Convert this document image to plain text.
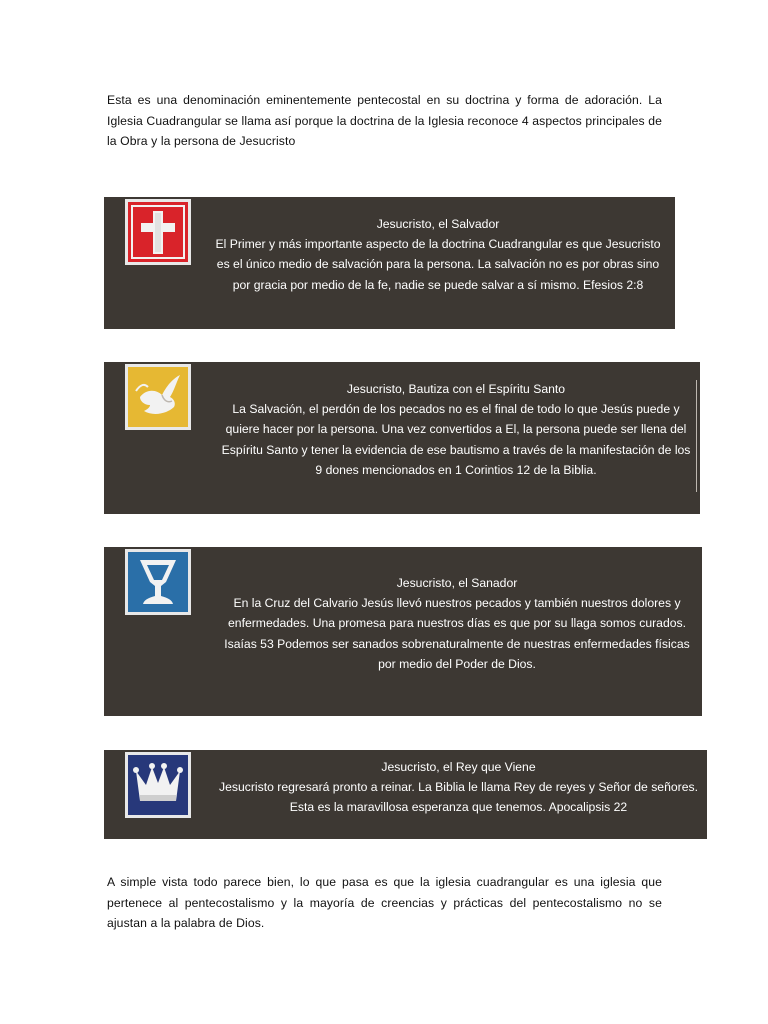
Esta es una denominación eminentemente pentecostal en su doctrina y forma de adoración. La Iglesia Cuadrangular se llama así porque la doctrina de la Iglesia reconoce 4 aspectos principales de la Obra y la persona de Jesucristo

Jesucristo, el Salvador
El Primer y más importante aspecto de la doctrina Cuadrangular es que Jesucristo
es el único medio de salvación para la persona. La salvación no es por obras sino
por gracia por medio de la fe, nadie se puede salvar a sí mismo. Efesios 2:8
Jesucristo, Bautiza con el Espíritu Santo
La Salvación, el perdón de los pecados no es el final de todo lo que Jesús puede y
quiere hacer por la persona. Una vez convertidos a El, la persona puede ser llena del
Espíritu Santo y tener la evidencia de ese bautismo a través de la manifestación de los
9 dones mencionados en 1 Corintios 12 de la Biblia.
Jesucristo, el Sanador
En la Cruz del Calvario Jesús llevó nuestros pecados y también nuestros dolores y
enfermedades. Una promesa para nuestros días es que por su llaga somos curados.
Isaías 53 Podemos ser sanados sobrenaturalmente de nuestras enfermedades físicas
por medio del Poder de Dios.
Jesucristo, el Rey que Viene
Jesucristo regresará pronto a reinar. La Biblia le llama Rey de reyes y Señor de señores.
Esta es la maravillosa esperanza que tenemos. Apocalipsis 22

A simple vista todo parece bien, lo que pasa es que la iglesia cuadrangular es una iglesia que pertenece al pentecostalismo y la mayoría de creencias y prácticas del pentecostalismo no se ajustan a la palabra de Dios.
